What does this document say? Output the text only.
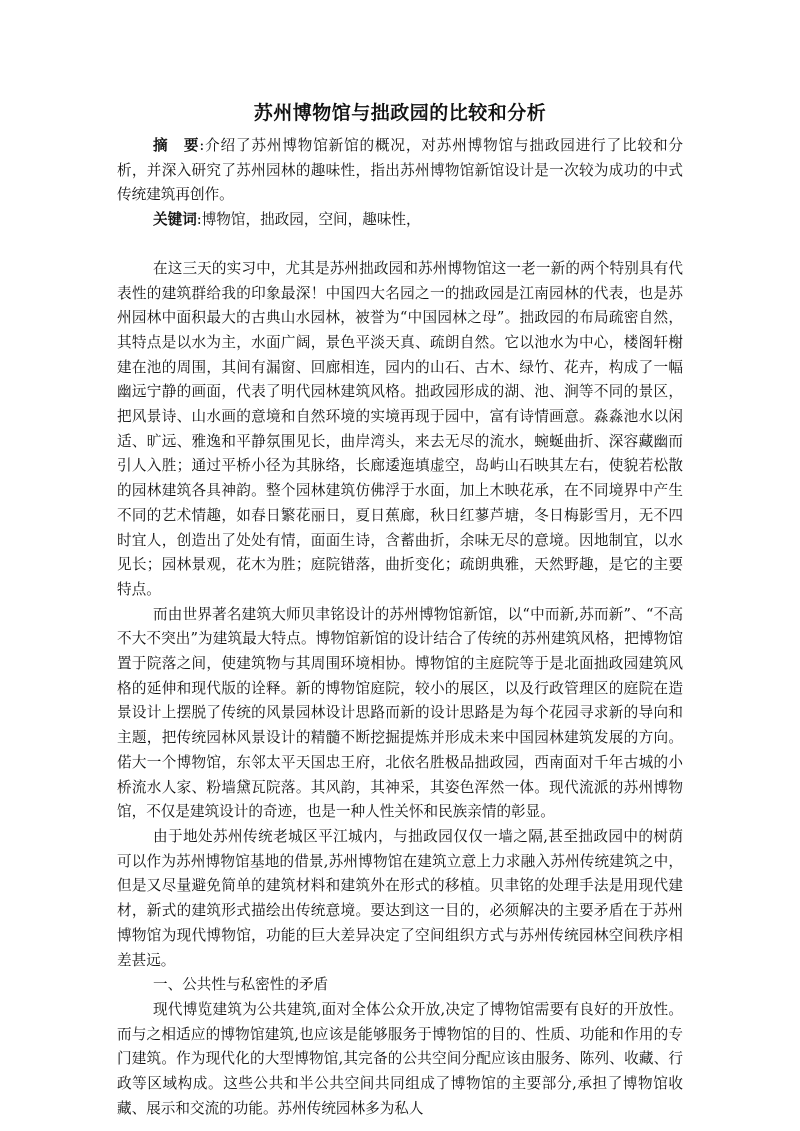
苏州博物馆与拙政园的比较和分析

摘　要:介绍了苏州博物馆新馆的概况，对苏州博物馆与拙政园进行了比较和分析，并深入研究了苏州园林的趣味性，指出苏州博物馆新馆设计是一次较为成功的中式传统建筑再创作。

关键词:博物馆，拙政园，空间，趣味性，

在这三天的实习中，尤其是苏州拙政园和苏州博物馆这一老一新的两个特别具有代表性的建筑群给我的印象最深！中国四大名园之一的拙政园是江南园林的代表，也是苏州园林中面积最大的古典山水园林，被誉为“中国园林之母”。拙政园的布局疏密自然，其特点是以水为主，水面广阔，景色平淡天真、疏朗自然。它以池水为中心，楼阁轩榭建在池的周围，其间有漏窗、回廊相连，园内的山石、古木、绿竹、花卉，构成了一幅幽远宁静的画面，代表了明代园林建筑风格。拙政园形成的湖、池、涧等不同的景区，把风景诗、山水画的意境和自然环境的实境再现于园中，富有诗情画意。淼淼池水以闲适、旷远、雅逸和平静氛围见长，曲岸湾头，来去无尽的流水，蜿蜒曲折、深容藏幽而引人入胜；通过平桥小径为其脉络，长廊逶迤填虚空，岛屿山石映其左右，使貌若松散的园林建筑各具神韵。整个园林建筑仿佛浮于水面，加上木映花承，在不同境界中产生不同的艺术情趣，如春日繁花丽日，夏日蕉廊，秋日红蓼芦塘，冬日梅影雪月，无不四时宜人，创造出了处处有情，面面生诗，含蓄曲折，余味无尽的意境。因地制宜，以水见长；园林景观，花木为胜；庭院错落，曲折变化；疏朗典雅，天然野趣，是它的主要特点。

而由世界著名建筑大师贝聿铭设计的苏州博物馆新馆，以“中而新,苏而新”、“不高不大不突出”为建筑最大特点。博物馆新馆的设计结合了传统的苏州建筑风格，把博物馆置于院落之间，使建筑物与其周围环境相协。博物馆的主庭院等于是北面拙政园建筑风格的延伸和现代版的诠释。新的博物馆庭院，较小的展区，以及行政管理区的庭院在造景设计上摆脱了传统的风景园林设计思路而新的设计思路是为每个花园寻求新的导向和主题，把传统园林风景设计的精髓不断挖掘提炼并形成未来中国园林建筑发展的方向。偌大一个博物馆，东邻太平天国忠王府，北依名胜极品拙政园，西南面对千年古城的小桥流水人家、粉墙黛瓦院落。其风韵，其神采，其姿色浑然一体。现代流派的苏州博物馆，不仅是建筑设计的奇迹，也是一种人性关怀和民族亲情的彰显。

由于地处苏州传统老城区平江城内，与拙政园仅仅一墙之隔,甚至拙政园中的树荫可以作为苏州博物馆基地的借景,苏州博物馆在建筑立意上力求融入苏州传统建筑之中，但是又尽量避免简单的建筑材料和建筑外在形式的移植。贝聿铭的处理手法是用现代建材，新式的建筑形式描绘出传统意境。要达到这一目的，必须解决的主要矛盾在于苏州博物馆为现代博物馆，功能的巨大差异决定了空间组织方式与苏州传统园林空间秩序相差甚远。

一、公共性与私密性的矛盾

现代博览建筑为公共建筑,面对全体公众开放,决定了博物馆需要有良好的开放性。而与之相适应的博物馆建筑,也应该是能够服务于博物馆的目的、性质、功能和作用的专门建筑。作为现代化的大型博物馆,其完备的公共空间分配应该由服务、陈列、收藏、行政等区域构成。这些公共和半公共空间共同组成了博物馆的主要部分,承担了博物馆收藏、展示和交流的功能。苏州传统园林多为私人
